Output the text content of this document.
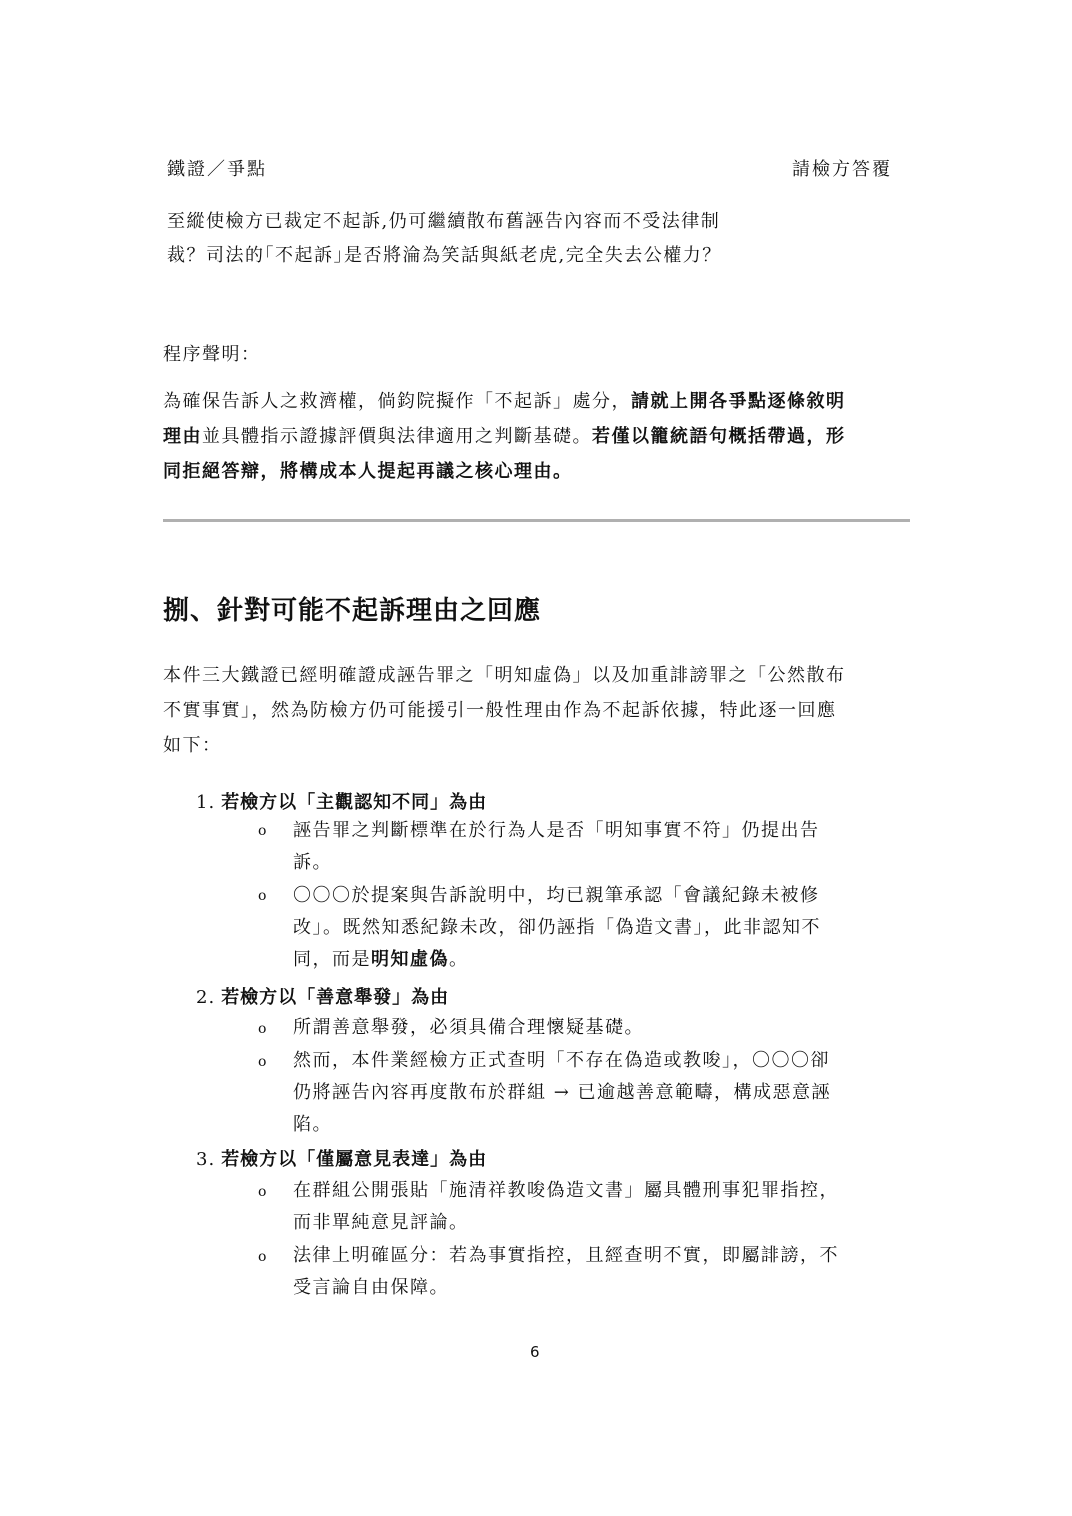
鐵證／爭點	請檢方答覆
至縱使檢方已裁定不起訴,仍可繼續散布舊誣告內容而不受法律制
裁？司法的｢不起訴｣是否將淪為笑話與紙老虎,完全失去公權力？
程序聲明：
為確保告訴人之救濟權，倘鈞院擬作「不起訴」處分，請就上開各爭點逐條敘明
理由並具體指示證據評價與法律適用之判斷基礎。若僅以籠統語句概括帶過，形
同拒絕答辯，將構成本人提起再議之核心理由。
捌、針對可能不起訴理由之回應
本件三大鐵證已經明確證成誣告罪之「明知虛偽」以及加重誹謗罪之「公然散布
不實事實」，然為防檢方仍可能援引一般性理由作為不起訴依據，特此逐一回應
如下：
1. 若檢方以「主觀認知不同」為由
o 誣告罪之判斷標準在於行為人是否「明知事實不符」仍提出告
訴。
o 〇〇〇於提案與告訴說明中，均已親筆承認「會議紀錄未被修
改」。既然知悉紀錄未改，卻仍誣指「偽造文書」，此非認知不
同，而是明知虛偽。
2. 若檢方以「善意舉發」為由
o 所謂善意舉發，必須具備合理懷疑基礎。
o 然而，本件業經檢方正式查明「不存在偽造或教唆」，〇〇〇卻
仍將誣告內容再度散布於群組 → 已逾越善意範疇，構成惡意誣
陷。
3. 若檢方以「僅屬意見表達」為由
o 在群組公開張貼「施清祥教唆偽造文書」屬具體刑事犯罪指控，
而非單純意見評論。
o 法律上明確區分：若為事實指控，且經查明不實，即屬誹謗，不
受言論自由保障。
6
